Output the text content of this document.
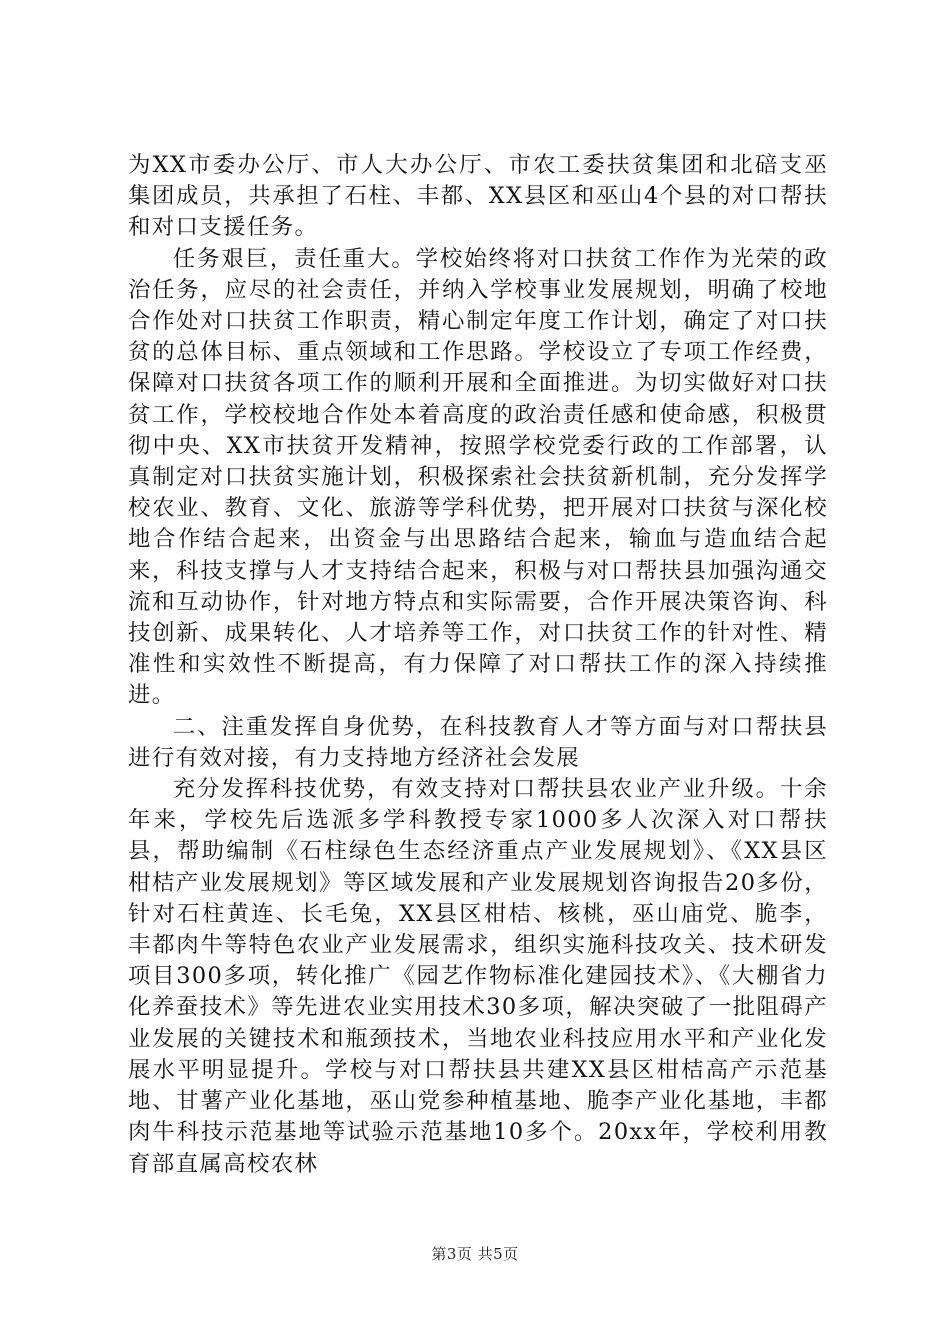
为XX市委办公厅、市人大办公厅、市农工委扶贫集团和北碚支巫集团成员，共承担了石柱、丰都、XX县区和巫山4个县的对口帮扶和对口支援任务。

任务艰巨，责任重大。学校始终将对口扶贫工作作为光荣的政治任务，应尽的社会责任，并纳入学校事业发展规划，明确了校地合作处对口扶贫工作职责，精心制定年度工作计划，确定了对口扶贫的总体目标、重点领域和工作思路。学校设立了专项工作经费，保障对口扶贫各项工作的顺利开展和全面推进。为切实做好对口扶贫工作，学校校地合作处本着高度的政治责任感和使命感，积极贯彻中央、XX市扶贫开发精神，按照学校党委行政的工作部署，认真制定对口扶贫实施计划，积极探索社会扶贫新机制，充分发挥学校农业、教育、文化、旅游等学科优势，把开展对口扶贫与深化校地合作结合起来，出资金与出思路结合起来，输血与造血结合起来，科技支撑与人才支持结合起来，积极与对口帮扶县加强沟通交流和互动协作，针对地方特点和实际需要，合作开展决策咨询、科技创新、成果转化、人才培养等工作，对口扶贫工作的针对性、精准性和实效性不断提高，有力保障了对口帮扶工作的深入持续推进。

二、注重发挥自身优势，在科技教育人才等方面与对口帮扶县进行有效对接，有力支持地方经济社会发展

充分发挥科技优势，有效支持对口帮扶县农业产业升级。十余年来，学校先后选派多学科教授专家1000多人次深入对口帮扶县，帮助编制《石柱绿色生态经济重点产业发展规划》、《XX县区柑桔产业发展规划》等区域发展和产业发展规划咨询报告20多份，针对石柱黄连、长毛兔，XX县区柑桔、核桃，巫山庙党、脆李，丰都肉牛等特色农业产业发展需求，组织实施科技攻关、技术研发项目300多项，转化推广《园艺作物标准化建园技术》、《大棚省力化养蚕技术》等先进农业实用技术30多项，解决突破了一批阻碍产业发展的关键技术和瓶颈技术，当地农业科技应用水平和产业化发展水平明显提升。学校与对口帮扶县共建XX县区柑桔高产示范基地、甘薯产业化基地，巫山党参种植基地、脆李产业化基地，丰都肉牛科技示范基地等试验示范基地10多个。20xx年，学校利用教育部直属高校农林

第3页 共5页
